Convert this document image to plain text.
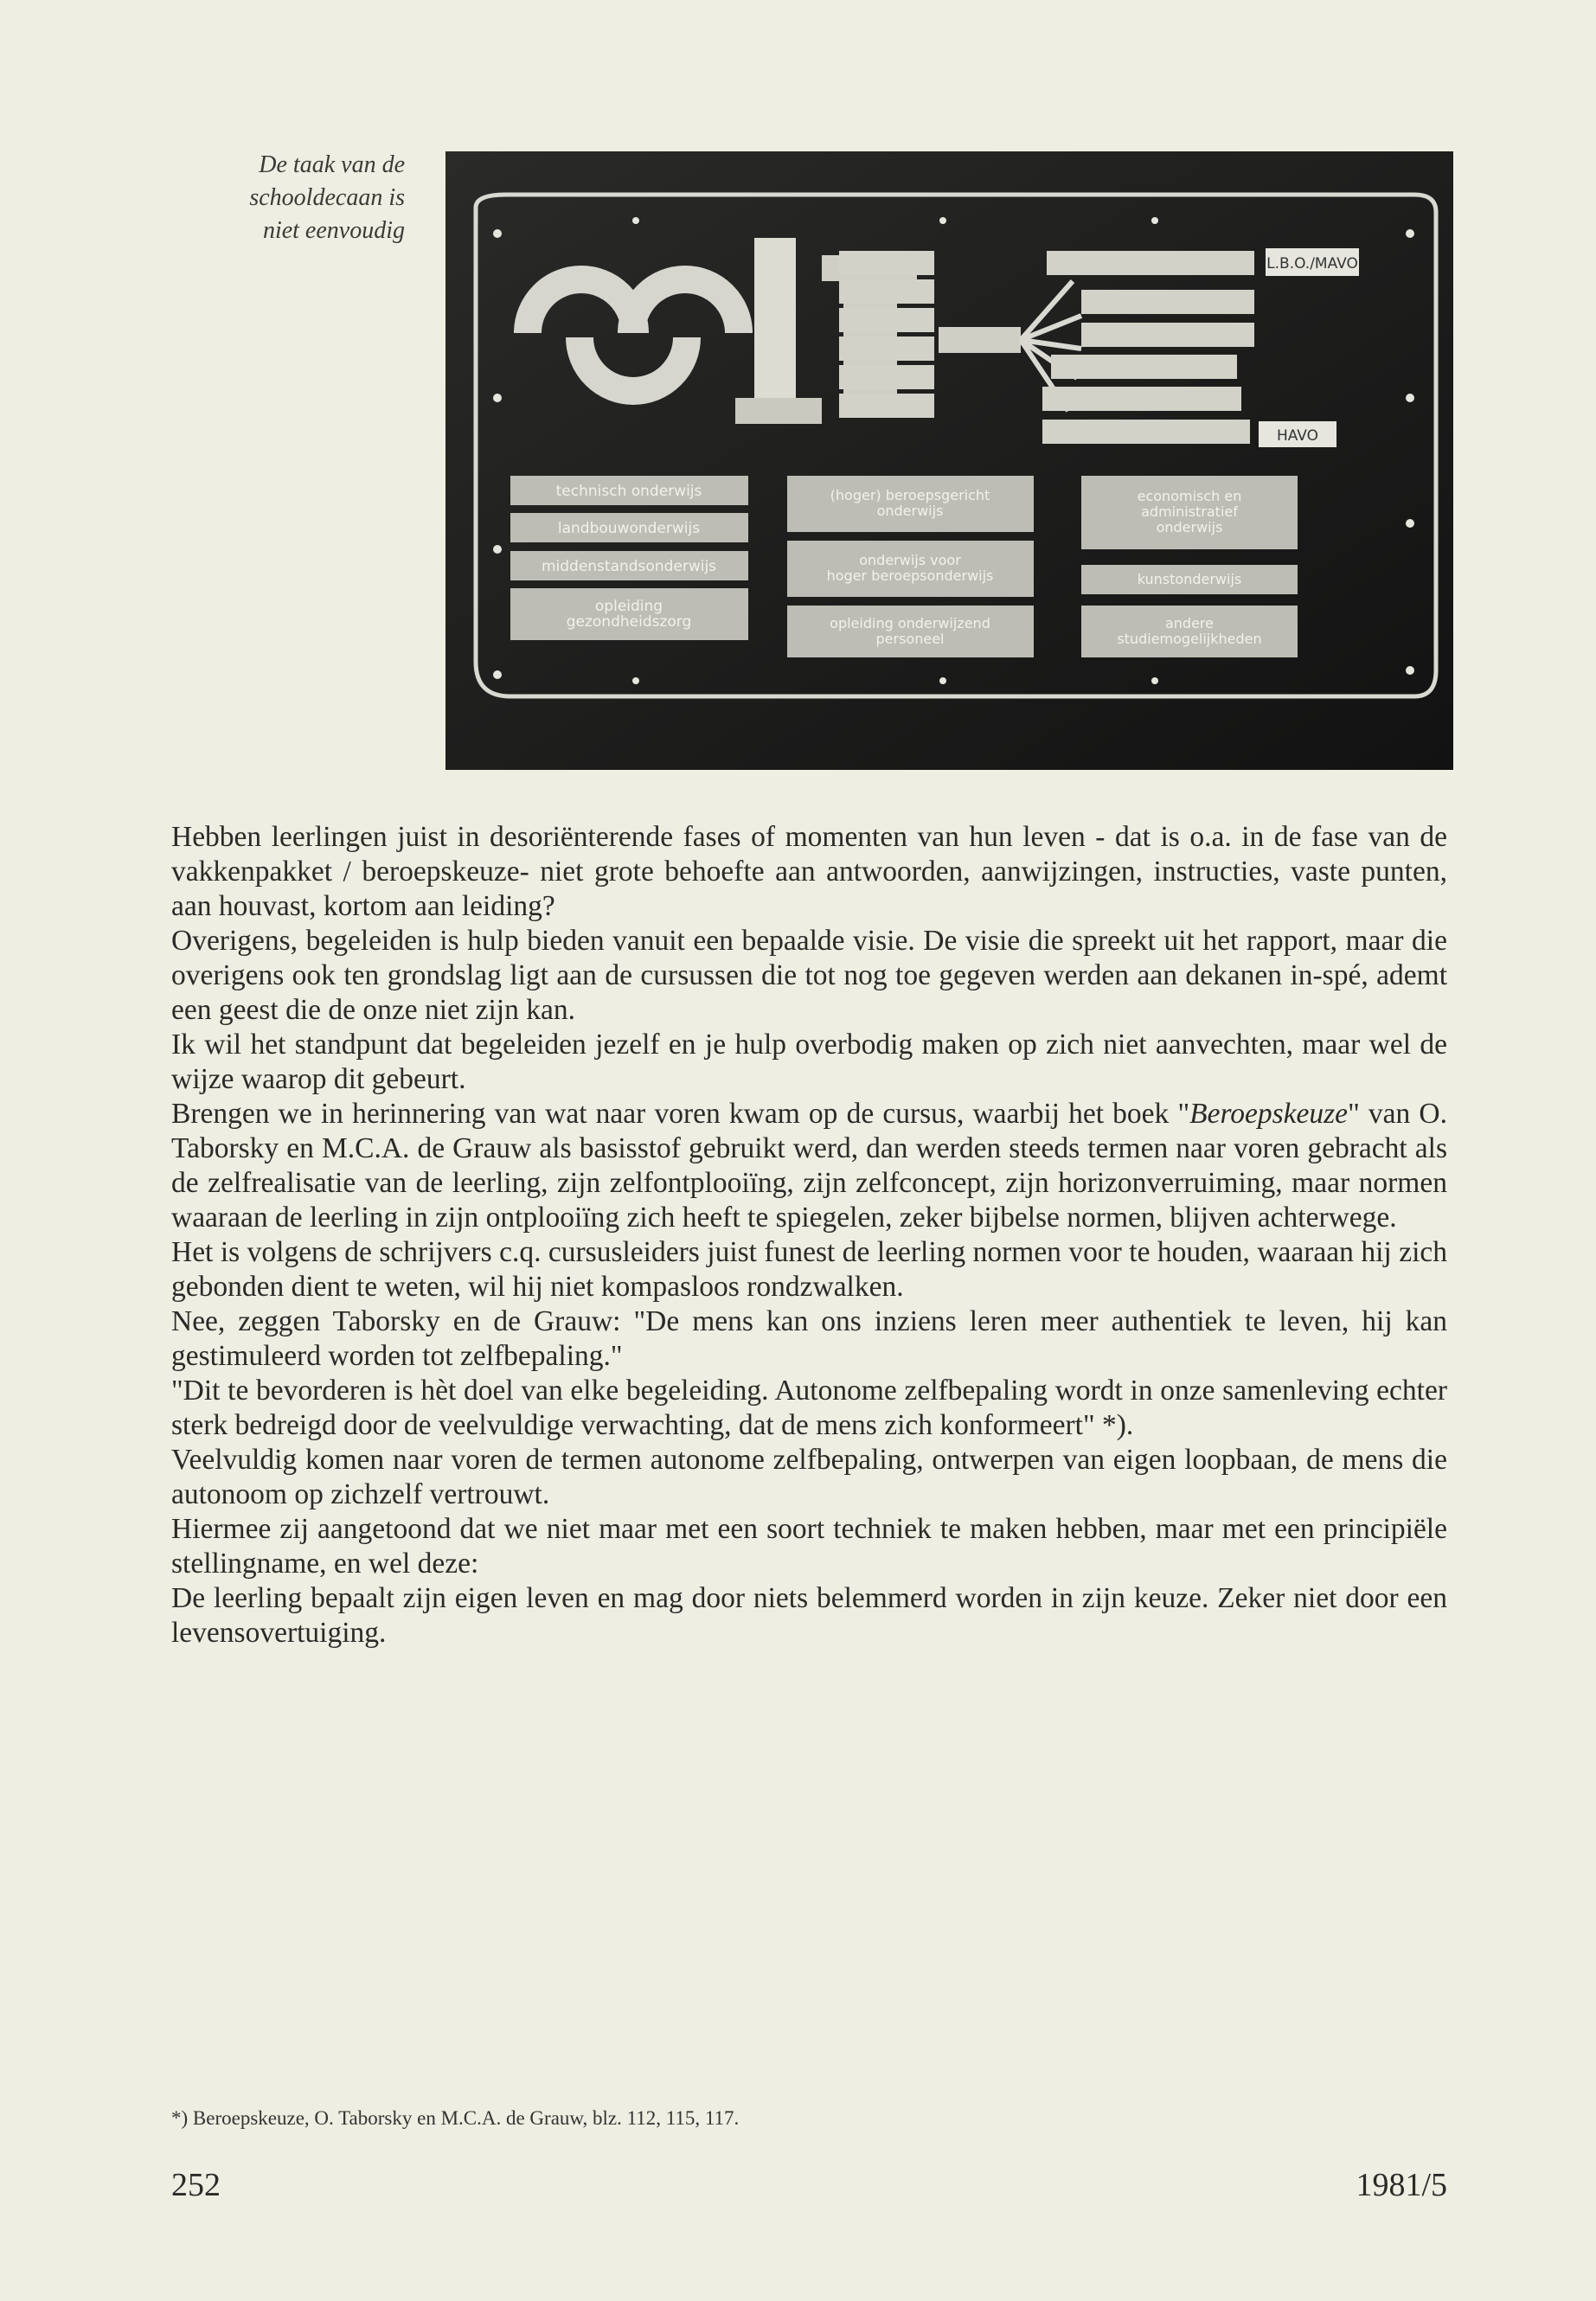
De taak van de
schooldecaan is
niet eenvoudig
L.B.O./MAVO
HAVO
technisch onderwijs
landbouwonderwijs
middenstandsonderwijs
opleiding gezondheidszorg
(hoger) beroepsgericht onderwijs
onderwijs voor hoger beroepsonderwijs
opleiding onderwijzend personeel
economisch en administratief onderwijs
kunstonderwijs
andere studiemogelijkheden

Hebben leerlingen juist in desoriënterende fases of momenten van hun leven - dat is o.a. in de fase van de vakkenpakket / beroepskeuze- niet grote behoefte aan antwoorden, aanwijzingen, instructies, vaste punten, aan houvast, kortom aan leiding?

Overigens, begeleiden is hulp bieden vanuit een bepaalde visie. De visie die spreekt uit het rapport, maar die overigens ook ten grondslag ligt aan de cursussen die tot nog toe gegeven werden aan dekanen in-spé, ademt een geest die de onze niet zijn kan.

Ik wil het standpunt dat begeleiden jezelf en je hulp overbodig maken op zich niet aanvechten, maar wel de wijze waarop dit gebeurt.

Brengen we in herinnering van wat naar voren kwam op de cursus, waarbij het boek "Beroepskeuze" van O. Taborsky en M.C.A. de Grauw als basisstof gebruikt werd, dan werden steeds termen naar voren gebracht als de zelfrealisatie van de leerling, zijn zelfontplooiïng, zijn zelfconcept, zijn horizonverruiming, maar normen waaraan de leerling in zijn ontplooiïng zich heeft te spiegelen, zeker bijbelse normen, blijven achterwege.

Het is volgens de schrijvers c.q. cursusleiders juist funest de leerling normen voor te houden, waaraan hij zich gebonden dient te weten, wil hij niet kompasloos rondzwalken.

Nee, zeggen Taborsky en de Grauw: "De mens kan ons inziens leren meer authentiek te leven, hij kan gestimuleerd worden tot zelfbepaling."

"Dit te bevorderen is hèt doel van elke begeleiding. Autonome zelfbepaling wordt in onze samenleving echter sterk bedreigd door de veelvuldige verwachting, dat de mens zich konformeert" *).

Veelvuldig komen naar voren de termen autonome zelfbepaling, ontwerpen van eigen loopbaan, de mens die autonoom op zichzelf vertrouwt.

Hiermee zij aangetoond dat we niet maar met een soort techniek te maken hebben, maar met een principiële stellingname, en wel deze:

De leerling bepaalt zijn eigen leven en mag door niets belemmerd worden in zijn keuze. Zeker niet door een levensovertuiging.

*) Beroepskeuze, O. Taborsky en M.C.A. de Grauw, blz. 112, 115, 117.
252	1981/5
